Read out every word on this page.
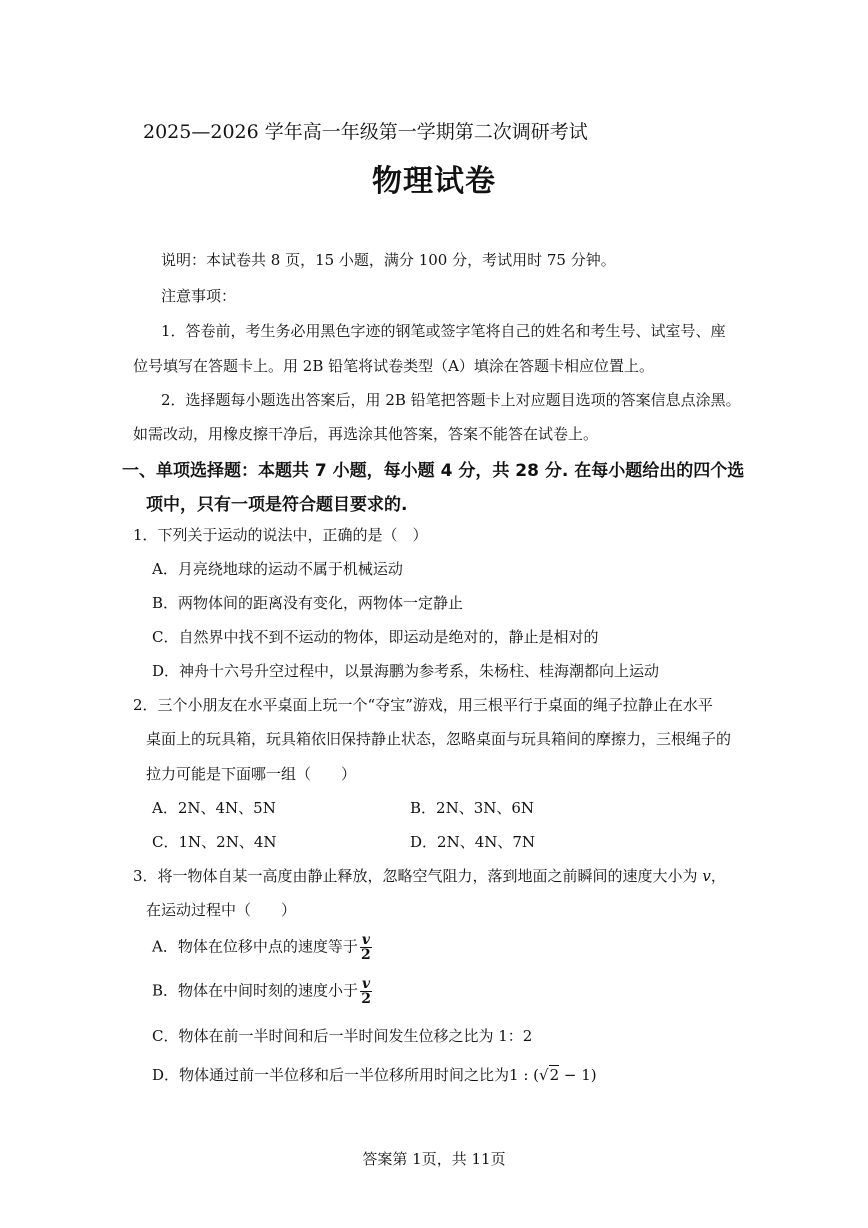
2025—2026 学年高一年级第一学期第二次调研考试
物理试卷
说明：本试卷共 8 页，15 小题，满分 100 分，考试用时 75 分钟。
注意事项：
1．答卷前，考生务必用黑色字迹的钢笔或签字笔将自己的姓名和考生号、试室号、座
位号填写在答题卡上。用 2B 铅笔将试卷类型（A）填涂在答题卡相应位置上。
2．选择题每小题选出答案后，用 2B 铅笔把答题卡上对应题目选项的答案信息点涂黑。
如需改动，用橡皮擦干净后，再选涂其他答案，答案不能答在试卷上。
一、单项选择题：本题共 7 小题，每小题 4 分，共 28 分. 在每小题给出的四个选
项中，只有一项是符合题目要求的.
1．下列关于运动的说法中，正确的是（　）
A．月亮绕地球的运动不属于机械运动
B．两物体间的距离没有变化，两物体一定静止
C．自然界中找不到不运动的物体，即运动是绝对的，静止是相对的
D．神舟十六号升空过程中，以景海鹏为参考系，朱杨柱、桂海潮都向上运动
2．三个小朋友在水平桌面上玩一个“夺宝”游戏，用三根平行于桌面的绳子拉静止在水平
桌面上的玩具箱，玩具箱依旧保持静止状态，忽略桌面与玩具箱间的摩擦力，三根绳子的
拉力可能是下面哪一组（　　）
A．2N、4N、5N	B．2N、3N、6N
C．1N、2N、4N	D．2N、4N、7N
3．将一物体自某一高度由静止释放，忽略空气阻力，落到地面之前瞬间的速度大小为 v，
在运动过程中（　　）
A．物体在位移中点的速度等于 $\frac{v}{2}$
B．物体在中间时刻的速度小于 $\frac{v}{2}$
C．物体在前一半时间和后一半时间发生位移之比为 1：2
D．物体通过前一半位移和后一半位移所用时间之比为1 : (√2 − 1)
答案第 1页，共 11页
